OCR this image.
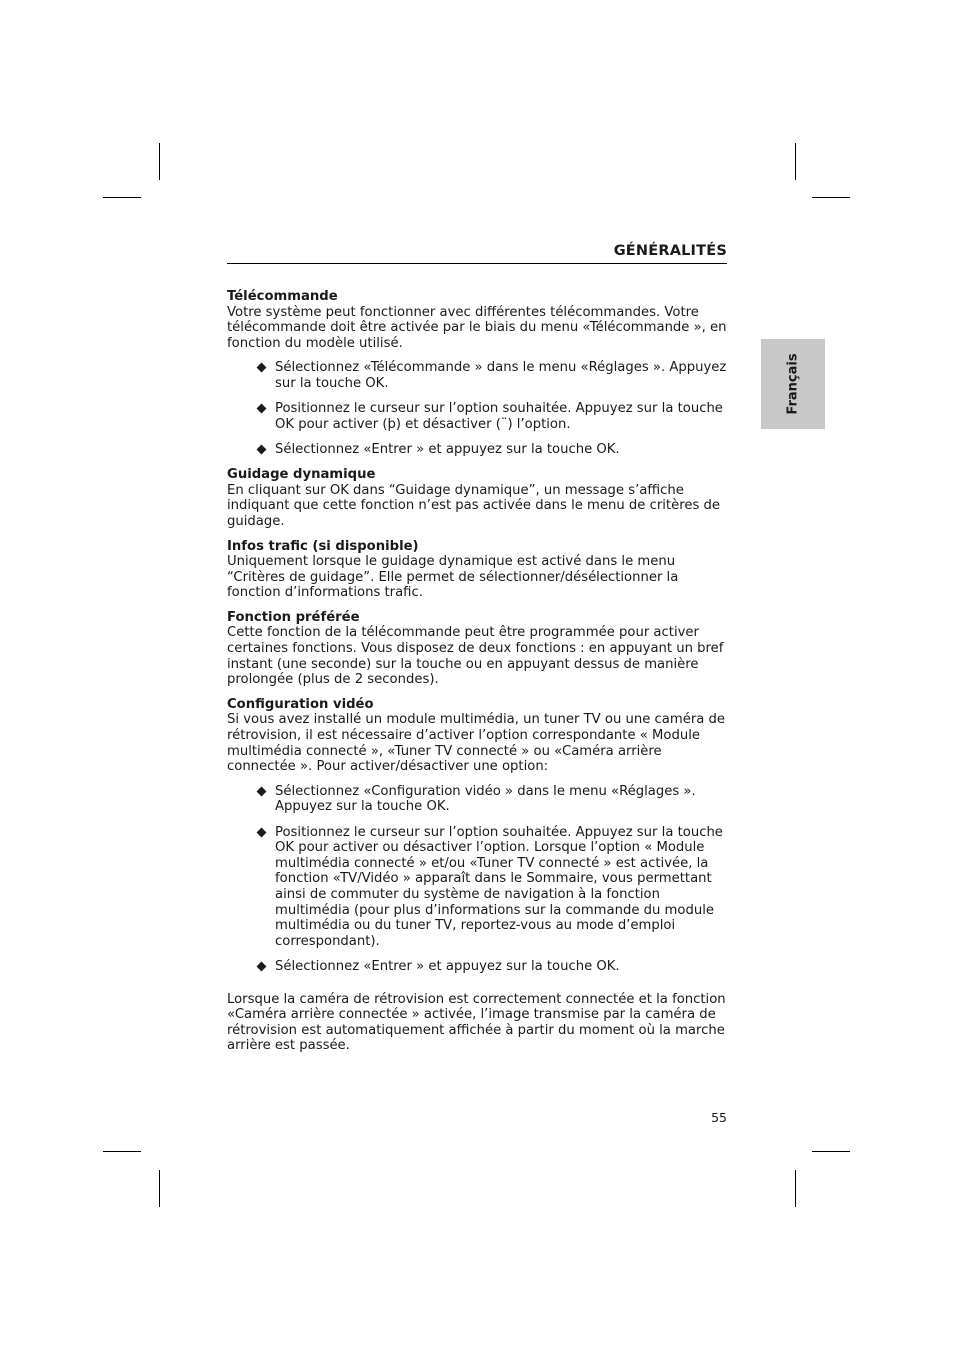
GÉNÉRALITÉS
Français

Télécommande

Votre système peut fonctionner avec différentes télécommandes. Votre télécommande doit être activée par le biais du menu «Télécommande », en fonction du modèle utilisé.

Sélectionnez «Télécommande » dans le menu «Réglages ». Appuyez sur la touche OK.
Positionnez le curseur sur l’option souhaitée. Appuyez sur la touche OK pour activer (þ) et désactiver (¨) l’option.
Sélectionnez «Entrer » et appuyez sur la touche OK.

Guidage dynamique

En cliquant sur OK dans “Guidage dynamique”, un message s’affiche indiquant que cette fonction n’est pas activée dans le menu de critères de guidage.

Infos trafic (si disponible)

Uniquement lorsque le guidage dynamique est activé dans le menu “Critères de guidage”. Elle permet de sélectionner/désélectionner la fonction d’informations trafic.

Fonction préférée

Cette fonction de la télécommande peut être programmée pour activer certaines fonctions. Vous disposez de deux fonctions : en appuyant un bref instant (une seconde) sur la touche ou en appuyant dessus de manière prolongée (plus de 2 secondes).

Configuration vidéo

Si vous avez installé un module multimédia, un tuner TV ou une caméra de rétrovision, il est nécessaire d’activer l’option correspondante « Module multimédia connecté », «Tuner TV connecté » ou «Caméra arrière connectée ». Pour activer/désactiver une option:

Sélectionnez «Configuration vidéo » dans le menu «Réglages ». Appuyez sur la touche OK.
Positionnez le curseur sur l’option souhaitée. Appuyez sur la touche OK pour activer ou désactiver l’option. Lorsque l’option « Module multimédia connecté » et/ou «Tuner TV connecté » est activée, la fonction «TV/Vidéo » apparaît dans le Sommaire, vous permettant ainsi de commuter du système de navigation à la fonction multimédia (pour plus d’informations sur la commande du module multimédia ou du tuner TV, reportez-vous au mode d’emploi correspondant).
Sélectionnez «Entrer » et appuyez sur la touche OK.

Lorsque la caméra de rétrovision est correctement connectée et la fonction «Caméra arrière connectée » activée, l’image transmise par la caméra de rétrovision est automatiquement affichée à partir du moment où la marche arrière est passée.

55
